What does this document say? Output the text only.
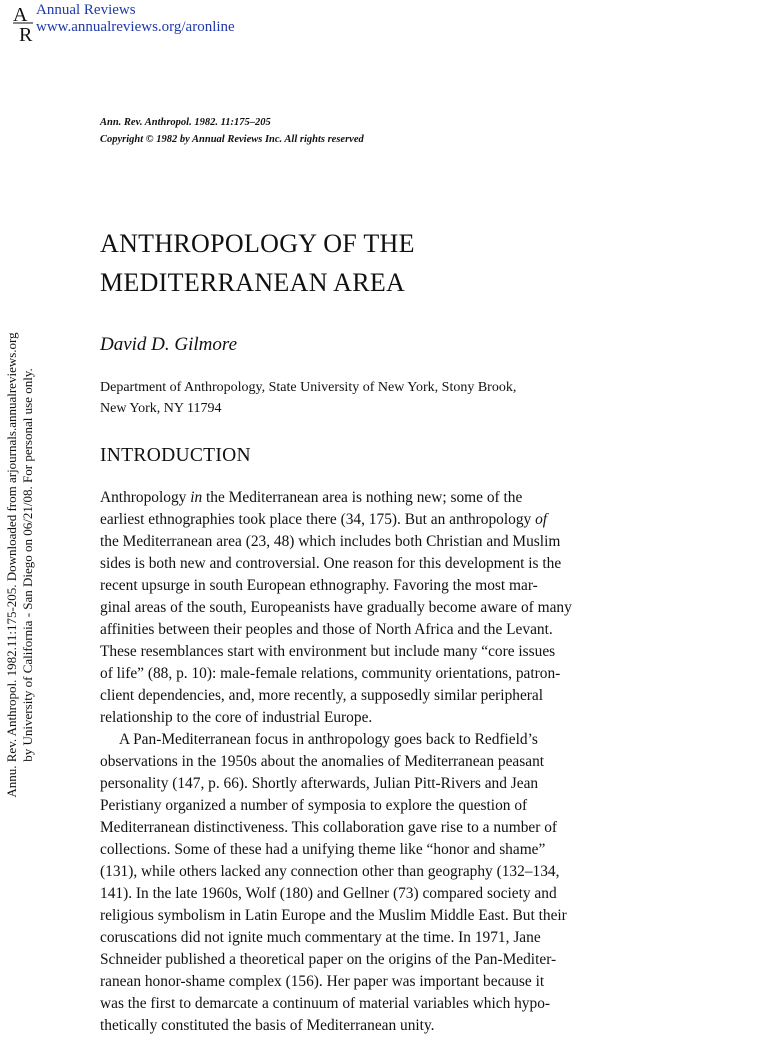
A
R
Annual Reviews
www.annualreviews.org/aronline
Ann. Rev. Anthropol. 1982. 11:175–205
Copyright © 1982 by Annual Reviews Inc. All rights reserved
ANTHROPOLOGY OF THE
MEDITERRANEAN AREA
David D. Gilmore
Department of Anthropology, State University of New York, Stony Brook,
New York, NY 11794
INTRODUCTION
Anthropology in the Mediterranean area is nothing new; some of the
earliest ethnographies took place there (34, 175). But an anthropology of
the Mediterranean area (23, 48) which includes both Christian and Muslim
sides is both new and controversial. One reason for this development is the
recent upsurge in south European ethnography. Favoring the most mar-
ginal areas of the south, Europeanists have gradually become aware of many
affinities between their peoples and those of North Africa and the Levant.
These resemblances start with environment but include many “core issues
of life” (88, p. 10): male-female relations, community orientations, patron-
client dependencies, and, more recently, a supposedly similar peripheral
relationship to the core of industrial Europe.
A Pan-Mediterranean focus in anthropology goes back to Redfield’s
observations in the 1950s about the anomalies of Mediterranean peasant
personality (147, p. 66). Shortly afterwards, Julian Pitt-Rivers and Jean
Peristiany organized a number of symposia to explore the question of
Mediterranean distinctiveness. This collaboration gave rise to a number of
collections. Some of these had a unifying theme like “honor and shame”
(131), while others lacked any connection other than geography (132–134,
141). In the late 1960s, Wolf (180) and Gellner (73) compared society and
religious symbolism in Latin Europe and the Muslim Middle East. But their
coruscations did not ignite much commentary at the time. In 1971, Jane
Schneider published a theoretical paper on the origins of the Pan-Mediter-
ranean honor-shame complex (156). Her paper was important because it
was the first to demarcate a continuum of material variables which hypo-
thetically constituted the basis of Mediterranean unity.
Annu. Rev. Anthropol. 1982.11:175-205. Downloaded from arjournals.annualreviews.org by University of California - San Diego on 06/21/08. For personal use only.
